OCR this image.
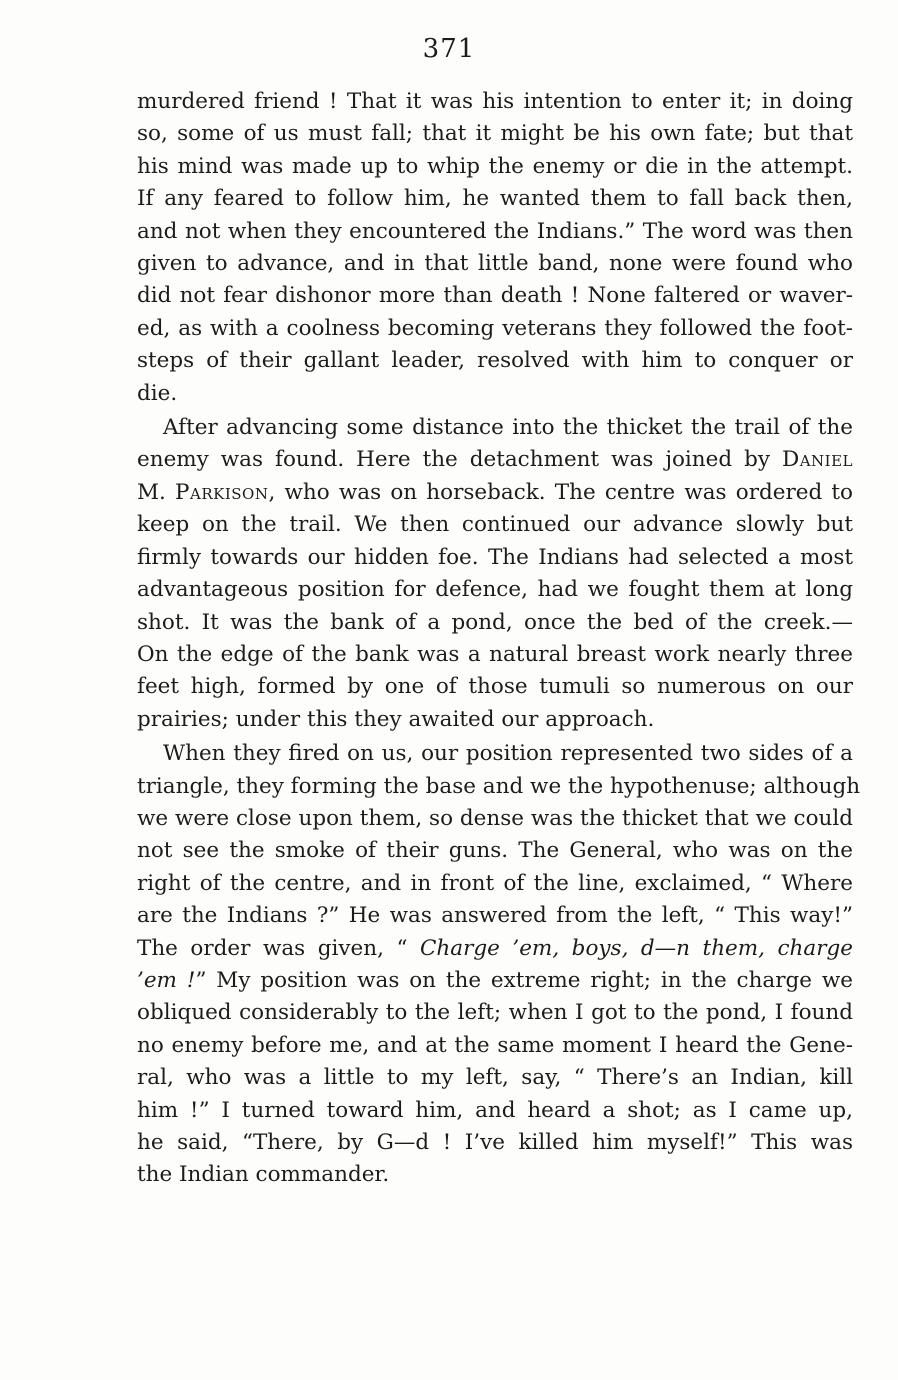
371
murdered friend ! That it was his intention to enter it; in doing
so, some of us must fall; that it might be his own fate; but that
his mind was made up to whip the enemy or die in the attempt.
If any feared to follow him, he wanted them to fall back then,
and not when they encountered the Indians.” The word was then
given to advance, and in that little band, none were found who
did not fear dishonor more than death ! None faltered or waver-
ed, as with a coolness becoming veterans they followed the foot-
steps of their gallant leader, resolved with him to conquer or
die.
After advancing some distance into the thicket the trail of the
enemy was found. Here the detachment was joined by Daniel
M. Parkison, who was on horseback. The centre was ordered to
keep on the trail. We then continued our advance slowly but
firmly towards our hidden foe. The Indians had selected a most
advantageous position for defence, had we fought them at long
shot. It was the bank of a pond, once the bed of the creek.—
On the edge of the bank was a natural breast work nearly three
feet high, formed by one of those tumuli so numerous on our
prairies; under this they awaited our approach.
When they fired on us, our position represented two sides of a
triangle, they forming the base and we the hypothenuse; although
we were close upon them, so dense was the thicket that we could
not see the smoke of their guns. The General, who was on the
right of the centre, and in front of the line, exclaimed, “ Where
are the Indians ?” He was answered from the left, “ This way!”
The order was given, “ Charge ’em, boys, d—n them, charge
’em !” My position was on the extreme right; in the charge we
obliqued considerably to the left; when I got to the pond, I found
no enemy before me, and at the same moment I heard the Gene-
ral, who was a little to my left, say, “ There’s an Indian, kill
him !” I turned toward him, and heard a shot; as I came up,
he said, “There, by G—d ! I’ve killed him myself!” This was
the Indian commander.
